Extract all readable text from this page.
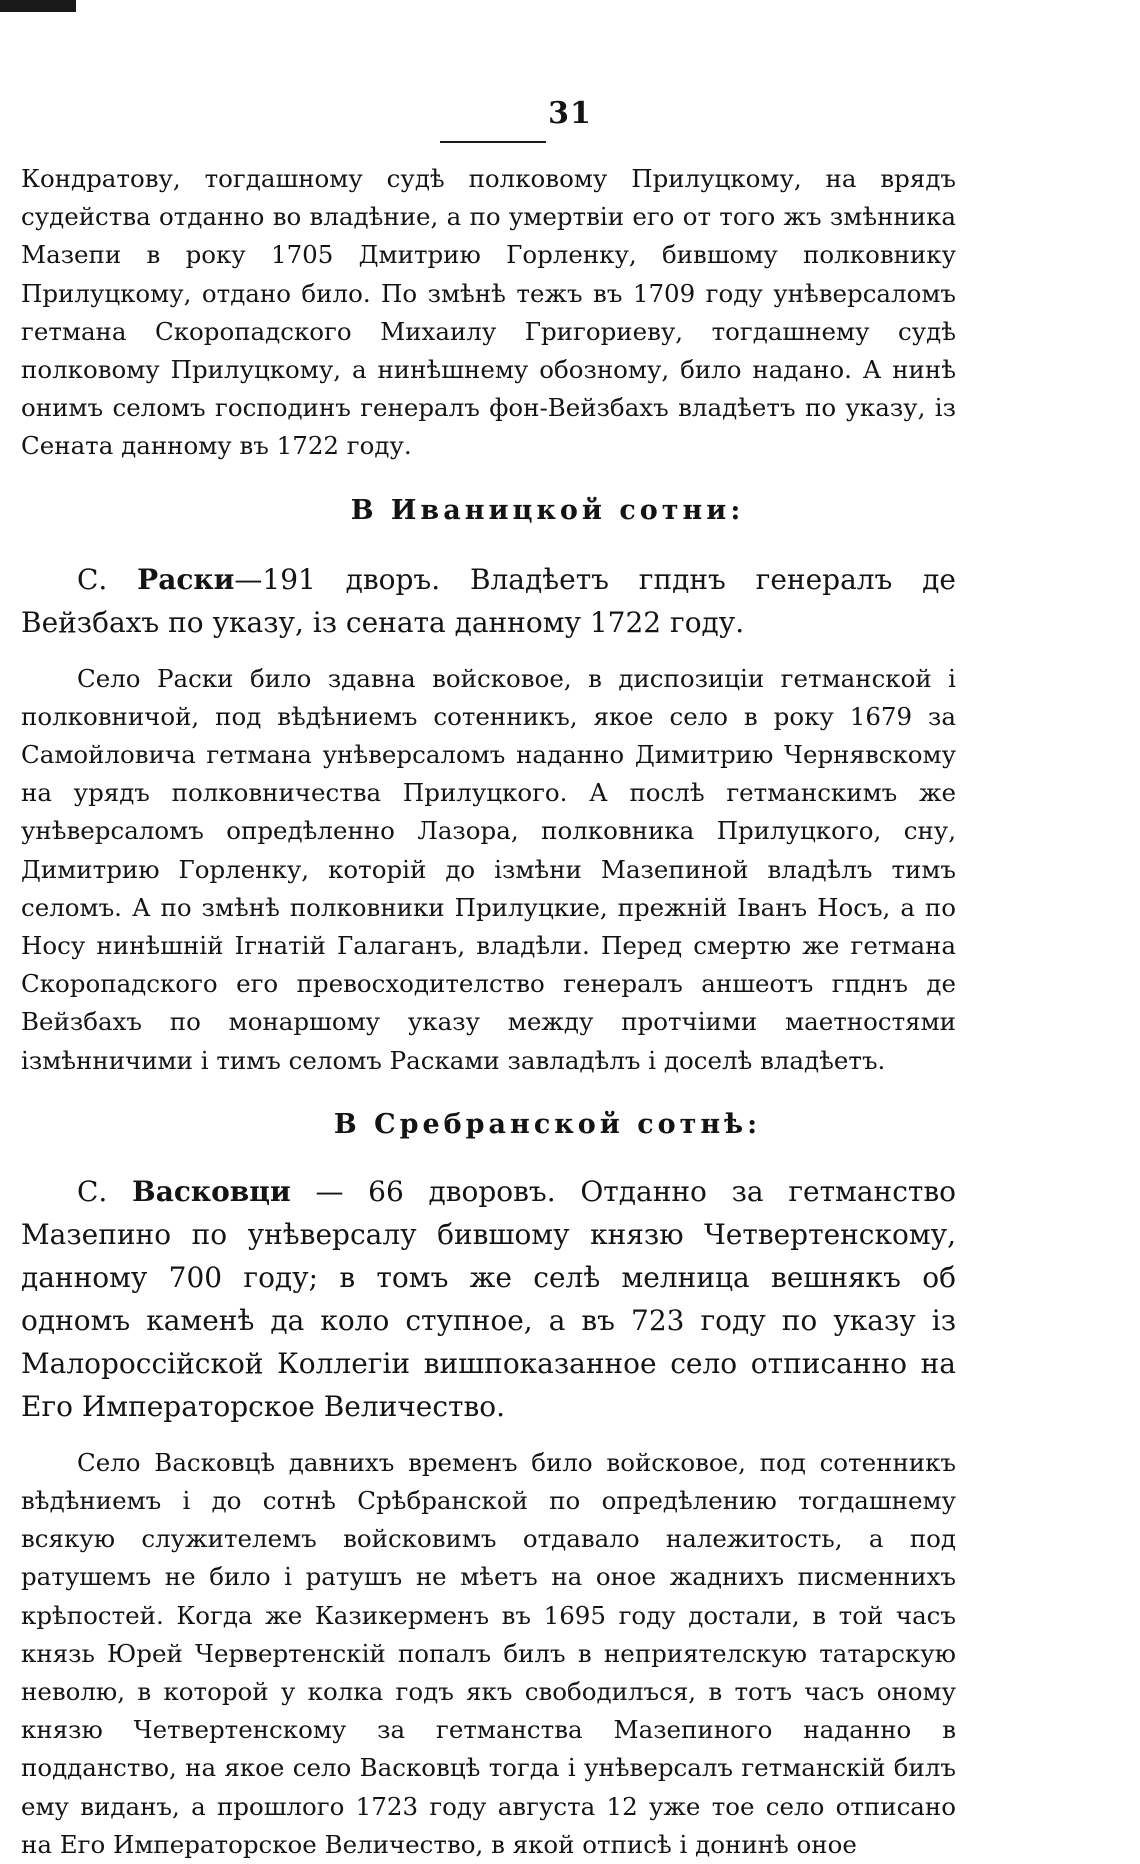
31

Кондратову, тогдашному судѣ полковому Прилуцкому, на врядъ судейства отданно во владѣние, а по умертвіи его от того жъ змѣнника Мазепи в року 1705 Дмитрию Горленку, бившому полковнику Прилуцкому, отдано било. По змѣнѣ тежъ въ 1709 году унѣверсаломъ гетмана Скоропадского Михаилу Григориеву, тогдашнему судѣ полковому Прилуцкому, а нинѣшнему обозному, било надано. А нинѣ онимъ селомъ господинъ генералъ фон-Вейзбахъ владѣетъ по указу, із Сената данному въ 1722 году.

В Иваницкой сотни:

С. Раски—191 дворъ. Владѣетъ гпднъ генералъ де Вейзбахъ по указу, із сената данному 1722 году.

Село Раски било здавна войсковое, в диспозиціи гетманской і полковничой, под вѣдѣниемъ сотенникъ, якое село в року 1679 за Самойловича гетмана унѣверсаломъ наданно Димитрию Чернявскому на урядъ полковничества Прилуцкого. А послѣ гетманскимъ же унѣверсаломъ опредѣленно Лазора, полковника Прилуцкого, сну, Димитрию Горленку, которій до ізмѣни Мазепиной владѣлъ тимъ селомъ. А по змѣнѣ полковники Прилуцкие, прежній Іванъ Носъ, а по Носу нинѣшній Ігнатій Галаганъ, владѣли. Перед смертю же гетмана Скоропадского его превосходителство генералъ аншеотъ гпднъ де Вейзбахъ по монаршому указу между протчіими маетностями ізмѣнничими і тимъ селомъ Расками завладѣлъ і доселѣ владѣетъ.

В Сребранской сотнѣ:

С. Васковци — 66 дворовъ. Отданно за гетманство Мазепино по унѣверсалу бившому князю Четвертенскому, данному 700 году; в томъ же селѣ мелница вешнякъ об одномъ каменѣ да коло ступное, а въ 723 году по указу із Малороссійской Коллегіи вишпоказанное село отписанно на Его Императорское Величество.

Село Васковцѣ давнихъ временъ било войсковое, под сотенникъ вѣдѣниемъ і до сотнѣ Срѣбранской по опредѣлению тогдашнему всякую служителемъ войсковимъ отдавало належитость, а под ратушемъ не било і ратушъ не мѣетъ на оное жаднихъ писменнихъ крѣпостей. Когда же Казикерменъ въ 1695 году достали, в той часъ князь Юрей Червертенскій попалъ билъ в неприятелскую татарскую неволю, в которой у колка годъ якъ свободилъся, в тотъ часъ оному князю Четвертенскому за гетманства Мазепиного наданно в подданство, на якое село Васковцѣ тогда і унѣверсалъ гетманскій билъ ему виданъ, а прошлого 1723 году августа 12 уже тое село отписано на Его Императорское Величество, в якой отписѣ і донинѣ оное
